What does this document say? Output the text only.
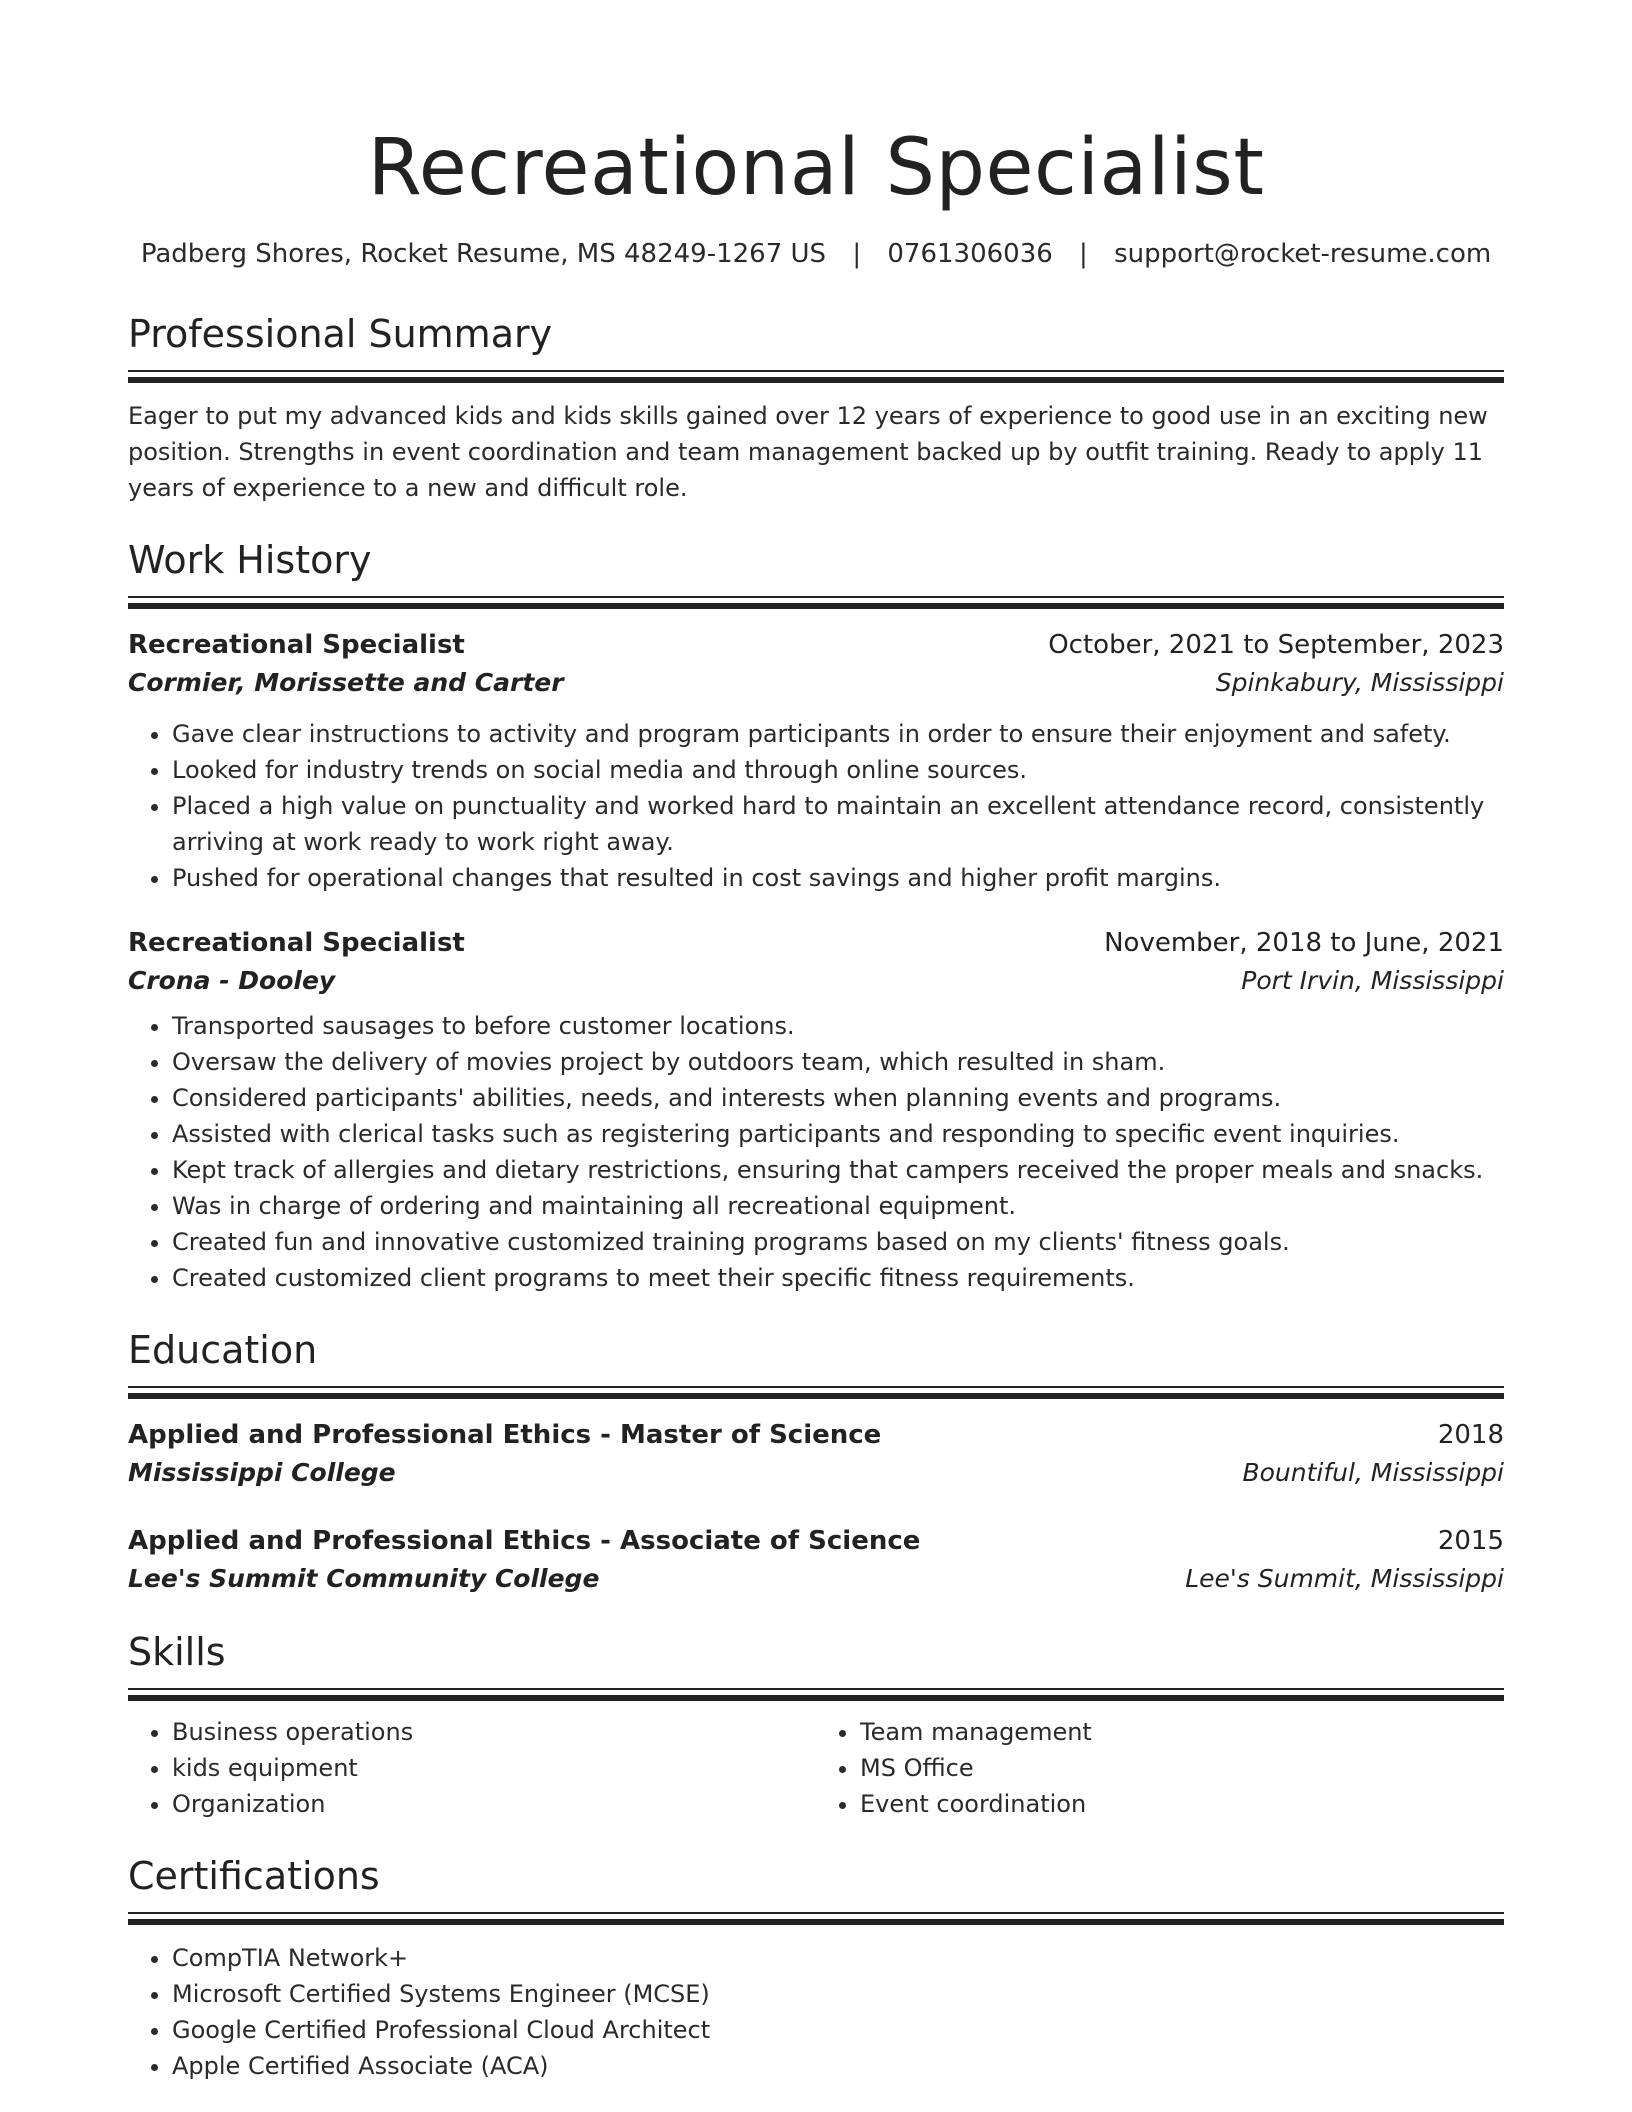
Recreational Specialist
Padberg Shores, Rocket Resume, MS 48249-1267 US | 0761306036 | support@rocket-resume.com
Professional Summary
Eager to put my advanced kids and kids skills gained over 12 years of experience to good use in an exciting new position. Strengths in event coordination and team management backed up by outfit training. Ready to apply 11 years of experience to a new and difficult role.
Work History
Recreational Specialist	October, 2021 to September, 2023
Cormier, Morissette and Carter	Spinkabury, Mississippi
• Gave clear instructions to activity and program participants in order to ensure their enjoyment and safety.
• Looked for industry trends on social media and through online sources.
• Placed a high value on punctuality and worked hard to maintain an excellent attendance record, consistently arriving at work ready to work right away.
• Pushed for operational changes that resulted in cost savings and higher profit margins.
Recreational Specialist	November, 2018 to June, 2021
Crona - Dooley	Port Irvin, Mississippi
• Transported sausages to before customer locations.
• Oversaw the delivery of movies project by outdoors team, which resulted in sham.
• Considered participants' abilities, needs, and interests when planning events and programs.
• Assisted with clerical tasks such as registering participants and responding to specific event inquiries.
• Kept track of allergies and dietary restrictions, ensuring that campers received the proper meals and snacks.
• Was in charge of ordering and maintaining all recreational equipment.
• Created fun and innovative customized training programs based on my clients' fitness goals.
• Created customized client programs to meet their specific fitness requirements.
Education
Applied and Professional Ethics - Master of Science	2018
Mississippi College	Bountiful, Mississippi
Applied and Professional Ethics - Associate of Science	2015
Lee's Summit Community College	Lee's Summit, Mississippi
Skills
• Business operations
• kids equipment
• Organization
• Team management
• MS Office
• Event coordination
Certifications
• CompTIA Network+
• Microsoft Certified Systems Engineer (MCSE)
• Google Certified Professional Cloud Architect
• Apple Certified Associate (ACA)
